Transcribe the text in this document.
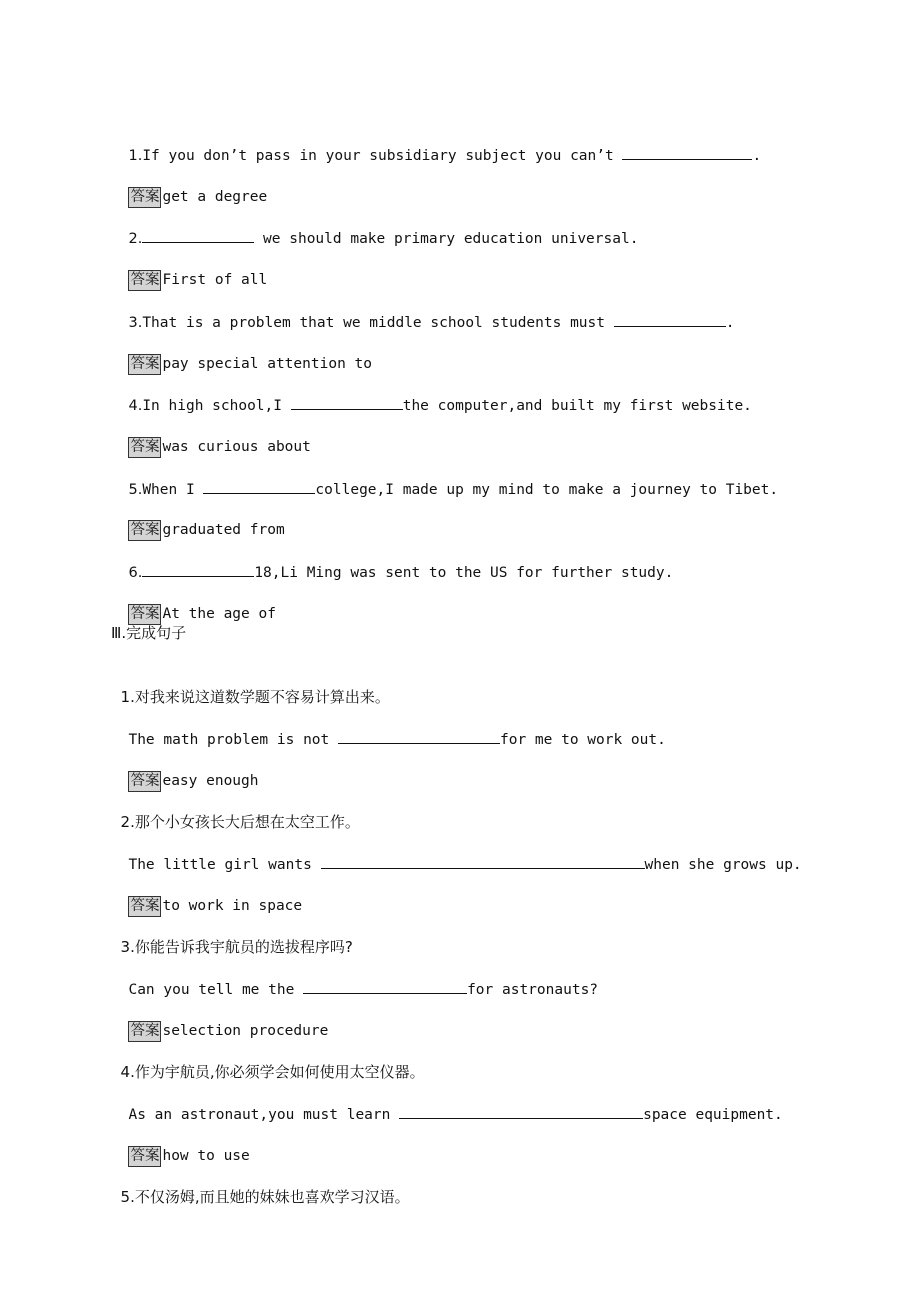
1.If you don’t pass in your subsidiary subject you can’t	.

答案 get a degree

2.	we should make primary education universal.

答案 First of all

3.That is a problem that we middle school students must	.

答案 pay special attention to

4.In high school,I	the computer,and built my first website.

答案 was curious about

5.When I	college,I made up my mind to make a journey to Tibet.

答案 graduated from

6.	18,Li Ming was sent to the US for further study.

答案 At the age of

Ⅲ.完成句子

1.对我来说这道数学题不容易计算出来。

The math problem is not	for me to work out.

答案 easy enough

2.那个小女孩长大后想在太空工作。

The little girl wants	when she grows up.

答案 to work in space

3.你能告诉我宇航员的选拔程序吗?

Can you tell me the	for astronauts?

答案 selection procedure

4.作为宇航员,你必须学会如何使用太空仪器。

As an astronaut,you must learn	space equipment.

答案 how to use

5.不仅汤姆,而且她的妹妹也喜欢学习汉语。
